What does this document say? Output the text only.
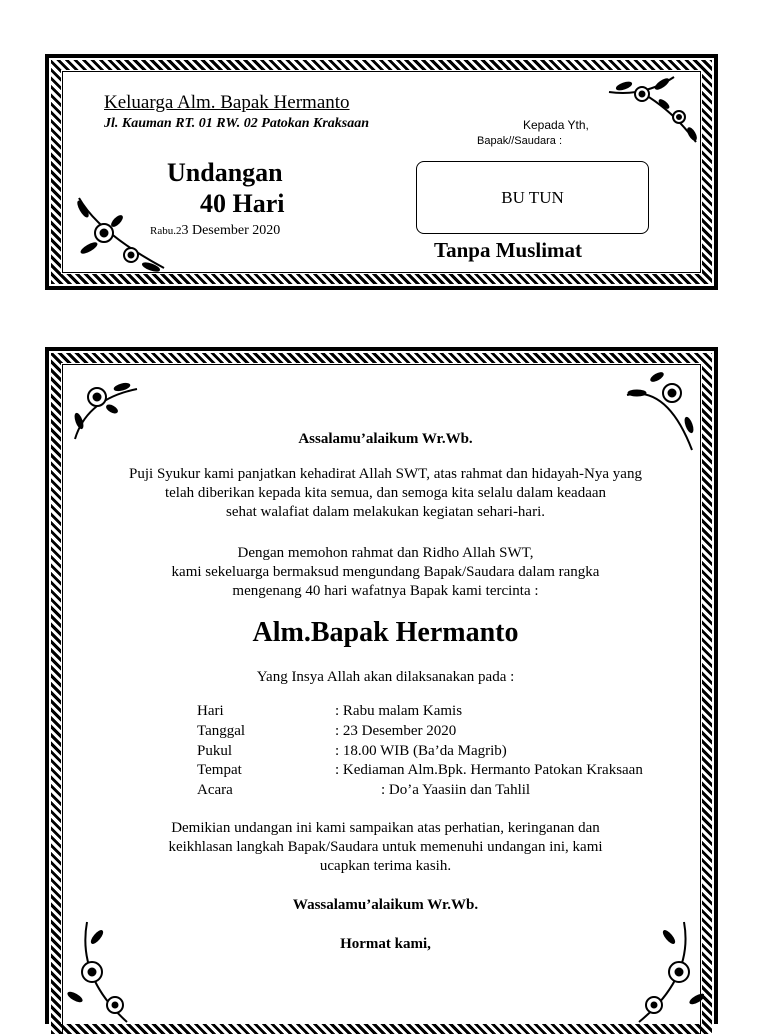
Keluarga Alm. Bapak Hermanto
Jl. Kauman RT. 01 RW. 02 Patokan Kraksaan	Kepada Yth,
Bapak//Saudara :
Undangan
40 Hari
Rabu.23 Desember 2020
BU TUN
Tanpa Muslimat
Assalamu’alaikum Wr.Wb.
Puji Syukur kami panjatkan kehadirat Allah SWT, atas rahmat dan hidayah-Nya yang
telah diberikan kepada kita semua, dan semoga kita selalu dalam keadaan
sehat walafiat dalam melakukan kegiatan sehari-hari.
Dengan memohon rahmat dan Ridho Allah SWT,
kami sekeluarga bermaksud mengundang Bapak/Saudara dalam rangka
mengenang 40 hari wafatnya Bapak kami tercinta :
Alm.Bapak Hermanto
Yang Insya Allah akan dilaksanakan pada :
Hari	: Rabu malam Kamis
Tanggal	: 23 Desember 2020
Pukul	: 18.00 WIB (Ba’da Magrib)
Tempat	: Kediaman Alm.Bpk. Hermanto Patokan Kraksaan
Acara	: Do’a Yaasiin dan Tahlil
Demikian undangan ini kami sampaikan atas perhatian, keringanan dan
keikhlasan langkah Bapak/Saudara untuk memenuhi undangan ini, kami
ucapkan terima kasih.
Wassalamu’alaikum Wr.Wb.
Hormat kami,
